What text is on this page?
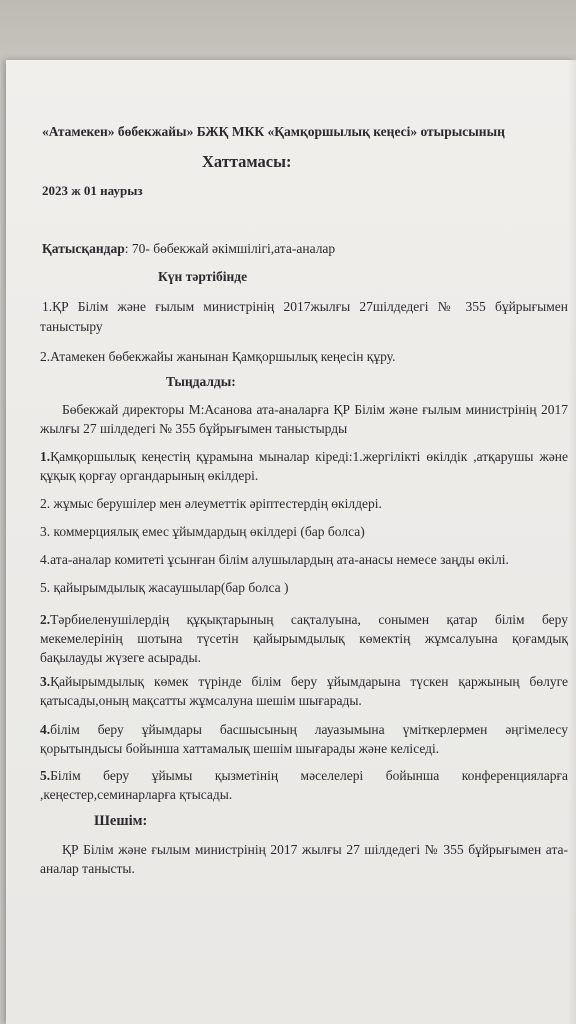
«Атамекен» бөбекжайы» БЖҚ МКК «Қамқоршылық кеңесі» отырысының
Хаттамасы:
2023 ж 01 наурыз
Қатысқандар: 70- бөбекжай әкімшілігі,ата-аналар
Күн тәртібінде
1.ҚР Білім және ғылым министрінің 2017жылғы 27шілдедегі № 355 бұйрығымен
таныстыру
2.Атамекен бөбекжайы жанынан Қамқоршылық кеңесін құру.
Тыңдалды:
Бөбекжай директоры М:Асанова ата-аналарға ҚР Білім және ғылым министрінің 2017
жылғы 27 шілдедегі № 355 бұйрығымен таныстырды
1.Қамқоршылық кеңестің құрамына мыналар кіреді:1.жергілікті өкілдік ,атқарушы және
құқық қорғау органдарының өкілдері.
2. жұмыс берушілер мен әлеуметтік әріптестердің өкілдері.
3. коммерциялық емес ұйымдардың өкілдері (бар болса)
4.ата-аналар комитеті ұсынған білім алушылардың ата-анасы немесе заңды өкілі.
5. қайырымдылық жасаушылар(бар болса )
2.Тәрбиеленушілердің құқықтарының сақталуына, сонымен қатар білім беру
мекемелерінің шотына түсетін қайырымдылық көмектің жұмсалуына қоғамдық
бақылауды жүзеге асырады.
3.Қайырымдылық көмек түрінде білім беру ұйымдарына түскен қаржының бөлуге
қатысады,оның мақсатты жұмсалуна шешім шығарады.
4.білім беру ұйымдары басшысының лауазымына үміткерлермен әңгімелесу
қорытындысы бойынша хаттамалық шешім шығарады және келіседі.
5.Білім беру ұйымы қызметінің мәселелері бойынша конференцияларға
,кеңестер,семинарларға қтысады.
Шешім:
ҚР Білім және ғылым министрінің 2017 жылғы 27 шілдедегі № 355 бұйрығымен ата-
аналар таныcты.
